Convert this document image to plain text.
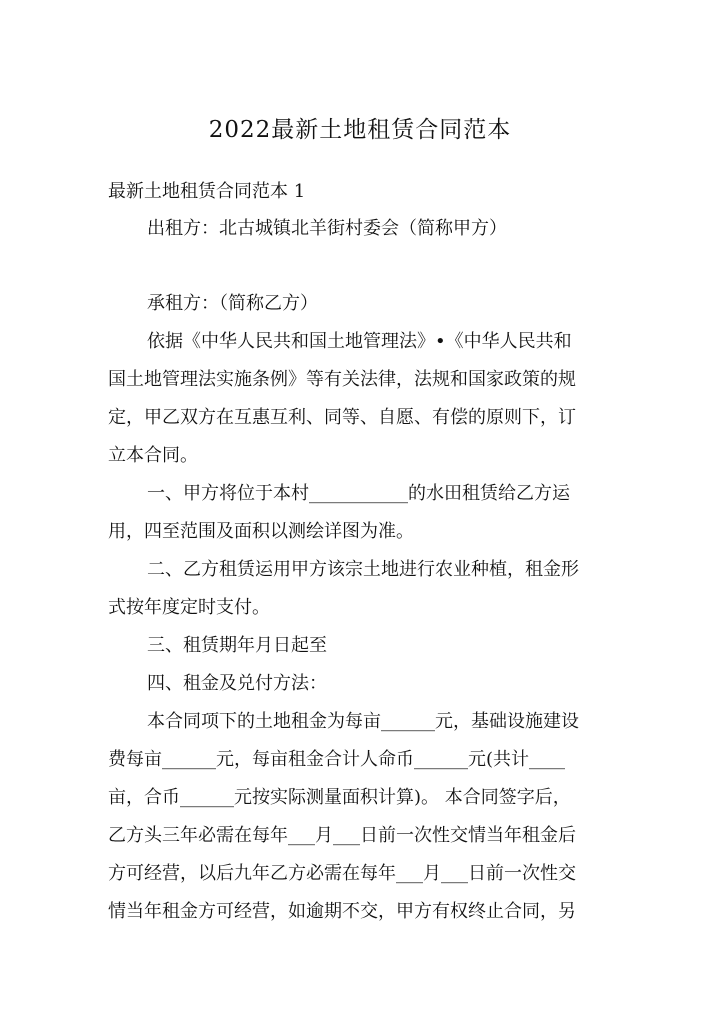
2022最新土地租赁合同范本
最新土地租赁合同范本 1
出租方：北古城镇北羊街村委会（简称甲方）
承租方：（简称乙方）
依据《中华人民共和国土地管理法》•《中华人民共和
国土地管理法实施条例》等有关法律，法规和国家政策的规
定，甲乙双方在互惠互利、同等、自愿、有偿的原则下，订
立本合同。
一、甲方将位于本村___________的水田租赁给乙方运
用，四至范围及面积以测绘详图为准。
二、乙方租赁运用甲方该宗土地进行农业种植，租金形
式按年度定时支付。
三、租赁期年月日起至
四、租金及兑付方法：
本合同项下的土地租金为每亩______元，基础设施建设
费每亩______元，每亩租金合计人命币______元(共计____
亩，合币______元按实际测量面积计算)。 本合同签字后，
乙方头三年必需在每年___月___日前一次性交情当年租金后
方可经营，以后九年乙方必需在每年___月___日前一次性交
情当年租金方可经营，如逾期不交，甲方有权终止合同，另
